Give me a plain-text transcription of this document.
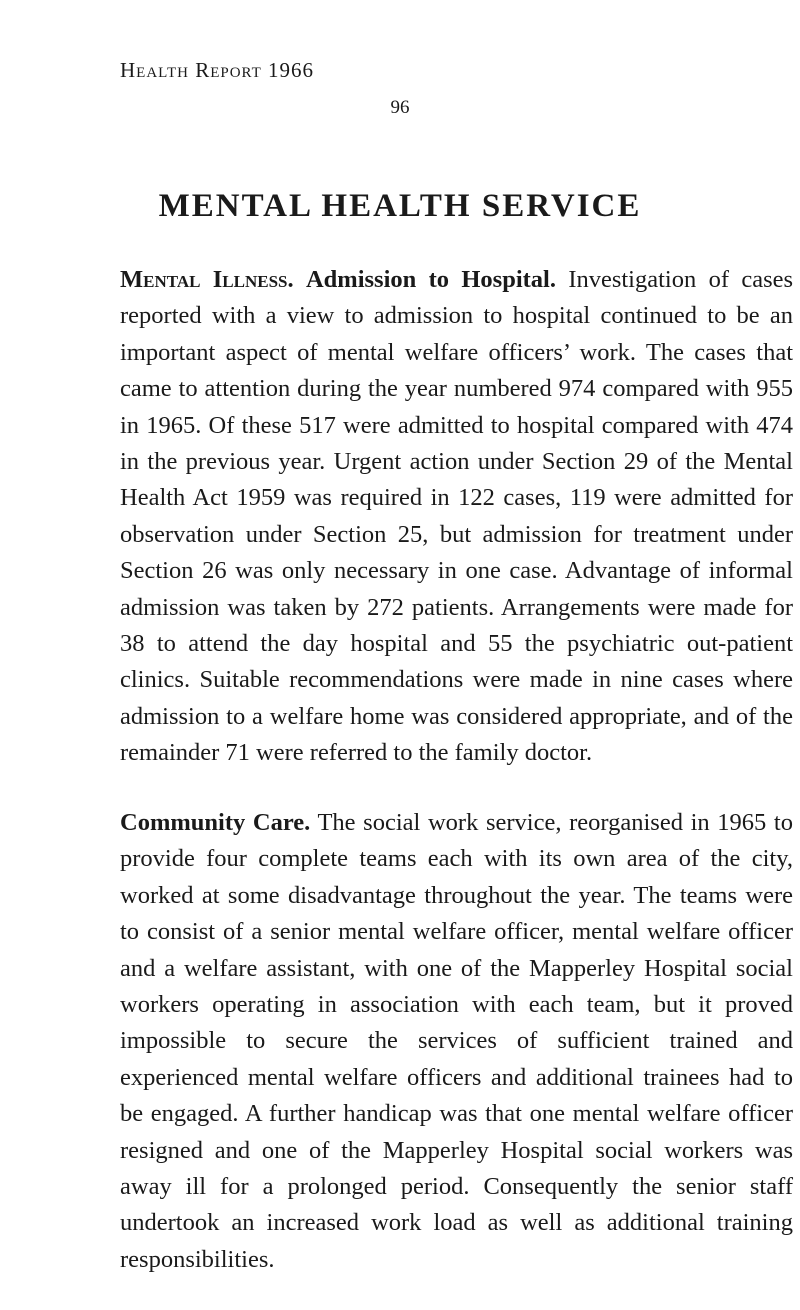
Health Report 1966

96

MENTAL HEALTH SERVICE

Mental Illness. Admission to Hospital. Investigation of cases reported with a view to admission to hospital continued to be an important aspect of mental welfare officers’ work. The cases that came to attention during the year numbered 974 compared with 955 in 1965. Of these 517 were admitted to hospital compared with 474 in the previous year. Urgent action under Section 29 of the Mental Health Act 1959 was required in 122 cases, 119 were admitted for observation under Section 25, but admission for treatment under Section 26 was only necessary in one case. Advantage of informal admission was taken by 272 patients. Arrangements were made for 38 to attend the day hospital and 55 the psychiatric out-patient clinics. Suitable recommendations were made in nine cases where admission to a welfare home was considered appropriate, and of the remainder 71 were referred to the family doctor.

Community Care. The social work service, reorganised in 1965 to provide four complete teams each with its own area of the city, worked at some disadvantage throughout the year. The teams were to consist of a senior mental welfare officer, mental welfare officer and a welfare assistant, with one of the Mapperley Hospital social workers operating in association with each team, but it proved impossible to secure the services of sufficient trained and experienced mental welfare officers and additional trainees had to be engaged. A further handicap was that one mental welfare officer resigned and one of the Mapperley Hospital social workers was away ill for a prolonged period. Consequently the senior staff undertook an increased work load as well as additional training responsibilities.
